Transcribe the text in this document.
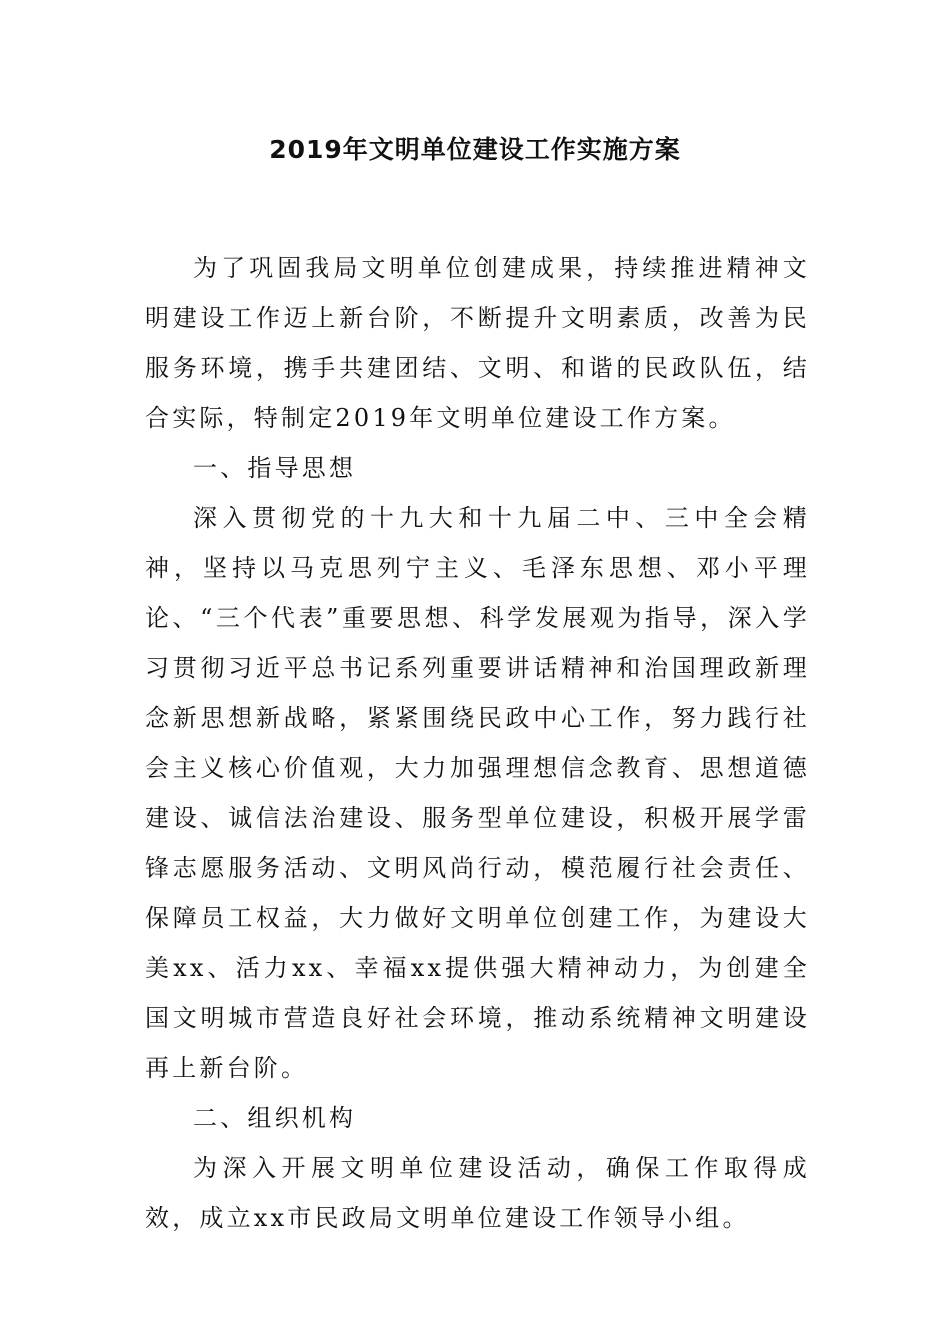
2019年文明单位建设工作实施方案

为了巩固我局文明单位创建成果，持续推进精神文明建设工作迈上新台阶，不断提升文明素质，改善为民服务环境，携手共建团结、文明、和谐的民政队伍，结合实际，特制定2019年文明单位建设工作方案。

一、指导思想

深入贯彻党的十九大和十九届二中、三中全会精神，坚持以马克思列宁主义、毛泽东思想、邓小平理论、“三个代表”重要思想、科学发展观为指导，深入学习贯彻习近平总书记系列重要讲话精神和治国理政新理念新思想新战略，紧紧围绕民政中心工作，努力践行社会主义核心价值观，大力加强理想信念教育、思想道德建设、诚信法治建设、服务型单位建设，积极开展学雷锋志愿服务活动、文明风尚行动，模范履行社会责任、保障员工权益，大力做好文明单位创建工作，为建设大美xx、活力xx、幸福xx提供强大精神动力，为创建全国文明城市营造良好社会环境，推动系统精神文明建设再上新台阶。

二、组织机构

为深入开展文明单位建设活动，确保工作取得成效，成立xx市民政局文明单位建设工作领导小组。
